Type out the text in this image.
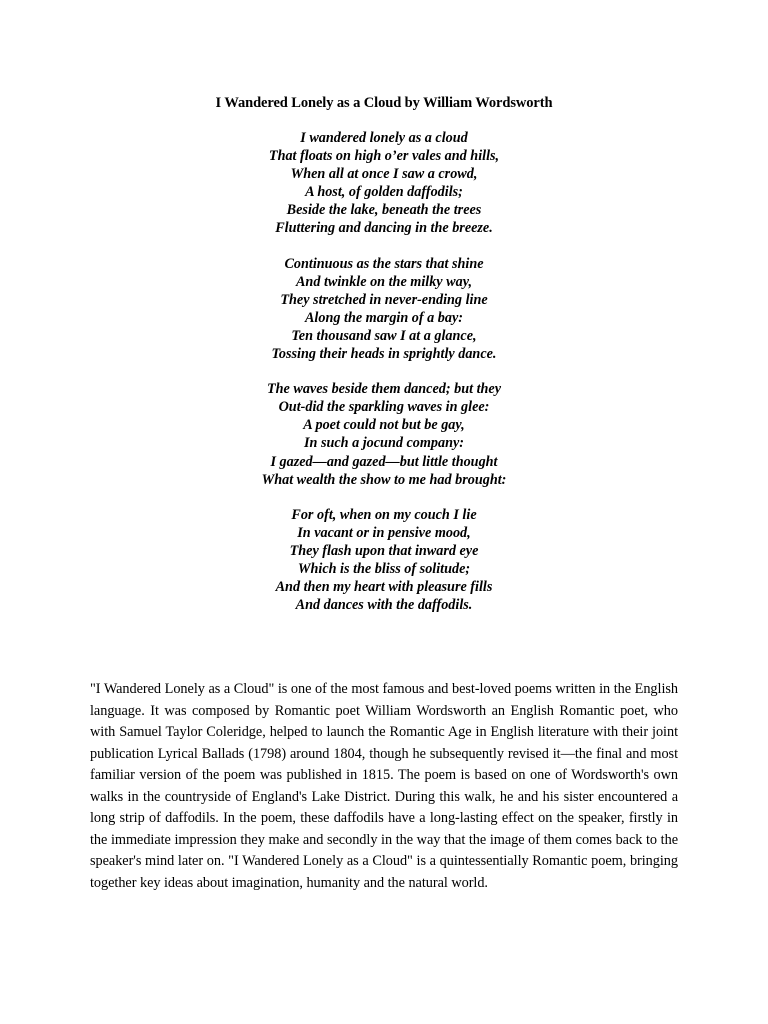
I Wandered Lonely as a Cloud by William Wordsworth
I wandered lonely as a cloud
That floats on high o’er vales and hills,
When all at once I saw a crowd,
A host, of golden daffodils;
Beside the lake, beneath the trees
Fluttering and dancing in the breeze.
Continuous as the stars that shine
And twinkle on the milky way,
They stretched in never-ending line
Along the margin of a bay:
Ten thousand saw I at a glance,
Tossing their heads in sprightly dance.
The waves beside them danced; but they
Out-did the sparkling waves in glee:
A poet could not but be gay,
In such a jocund company:
I gazed—and gazed—but little thought
What wealth the show to me had brought:
For oft, when on my couch I lie
In vacant or in pensive mood,
They flash upon that inward eye
Which is the bliss of solitude;
And then my heart with pleasure fills
And dances with the daffodils.

"I Wandered Lonely as a Cloud" is one of the most famous and best-loved poems written in the English language. It was composed by Romantic poet William Wordsworth an English Romantic poet, who with Samuel Taylor Coleridge, helped to launch the Romantic Age in English literature with their joint publication Lyrical Ballads (1798) around 1804, though he subsequently revised it—the final and most familiar version of the poem was published in 1815. The poem is based on one of Wordsworth's own walks in the countryside of England's Lake District. During this walk, he and his sister encountered a long strip of daffodils. In the poem, these daffodils have a long-lasting effect on the speaker, firstly in the immediate impression they make and secondly in the way that the image of them comes back to the speaker's mind later on. "I Wandered Lonely as a Cloud" is a quintessentially Romantic poem, bringing together key ideas about imagination, humanity and the natural world.
